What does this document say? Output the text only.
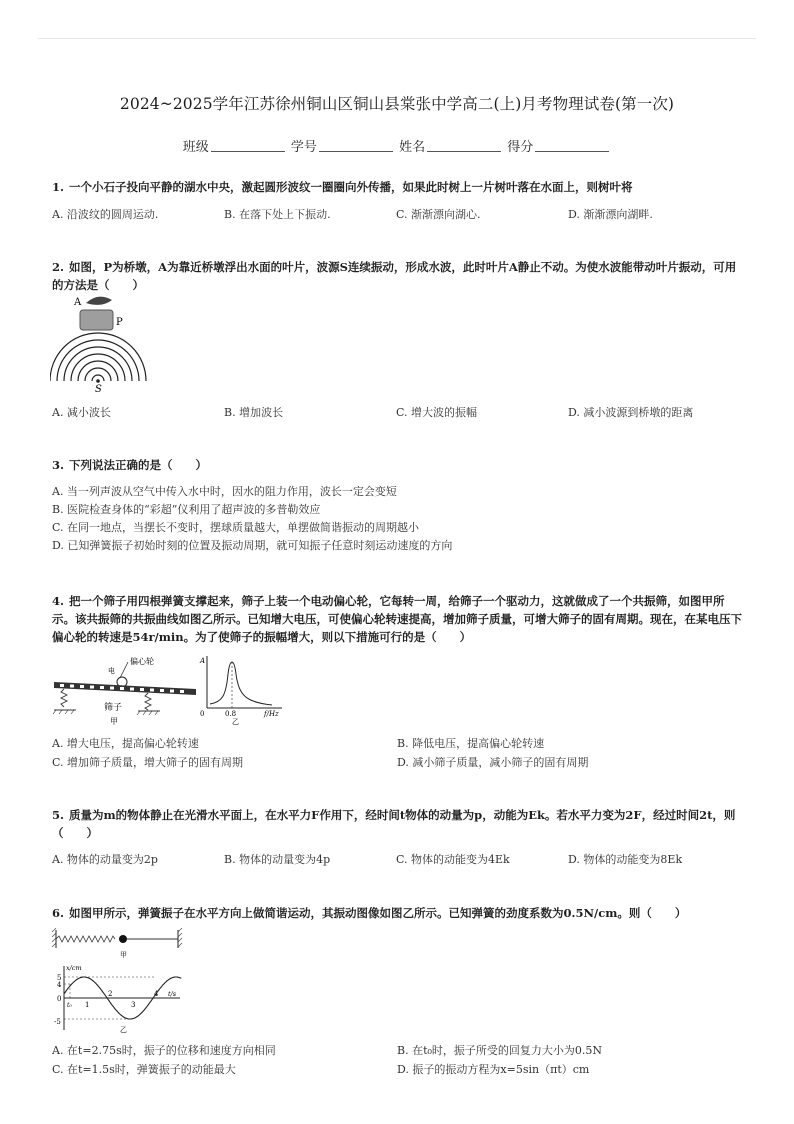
2024~2025学年江苏徐州铜山区铜山县棠张中学高二(上)月考物理试卷(第一次)
班级	学号	姓名	得分
1. 一个小石子投向平静的湖水中央，激起圆形波纹一圈圈向外传播，如果此时树上一片树叶落在水面上，则树叶将
A. 沿波纹的圆周运动.	B. 在落下处上下振动.	C. 渐渐漂向湖心.	D. 渐渐漂向湖畔.
2. 如图，P为桥墩，A为靠近桥墩浮出水面的叶片，波源S连续振动，形成水波，此时叶片A静止不动。为使水波能带动叶片振动，可用的方法是（　　）
A
P
S
A. 减小波长	B. 增加波长	C. 增大波的振幅	D. 减小波源到桥墩的距离
3. 下列说法正确的是（　　）
A. 当一列声波从空气中传入水中时，因水的阻力作用，波长一定会变短
B. 医院检查身体的“彩超”仪利用了超声波的多普勒效应
C. 在同一地点，当摆长不变时，摆球质量越大，单摆做简谐振动的周期越小
D. 已知弹簧振子初始时刻的位置及振动周期，就可知振子任意时刻运动速度的方向
4. 把一个筛子用四根弹簧支撑起来，筛子上装一个电动偏心轮，它每转一周，给筛子一个驱动力，这就做成了一个共振筛，如图甲所示。该共振筛的共振曲线如图乙所示。已知增大电压，可使偏心轮转速提高，增加筛子质量，可增大筛子的固有周期。现在，在某电压下偏心轮的转速是54r/min。为了使筛子的振幅增大，则以下措施可行的是（　　）
电
偏心轮
筛子
甲
A
f/Hz
0	0.8
乙
A. 增大电压，提高偏心轮转速	B. 降低电压，提高偏心轮转速
C. 增加筛子质量，增大筛子的固有周期	D. 减小筛子质量，减小筛子的固有周期
5. 质量为m的物体静止在光滑水平面上，在水平力F作用下，经时间t物体的动量为p，动能为Ek。若水平力变为2F，经过时间2t，则（　　）
A. 物体的动量变为2p	B. 物体的动量变为4p	C. 物体的动能变为4Ek	D. 物体的动能变为8Ek
6. 如图甲所示，弹簧振子在水平方向上做简谐运动，其振动图像如图乙所示。已知弹簧的劲度系数为0.5N/cm。则（　　）
甲
x/cm
t/s
5
4
0
-5
t₀ 1
2
3
4
乙
A. 在t=2.75s时，振子的位移和速度方向相同	B. 在t₀时，振子所受的回复力大小为0.5N
C. 在t=1.5s时，弹簧振子的动能最大	D. 振子的振动方程为x=5sin（πt）cm
